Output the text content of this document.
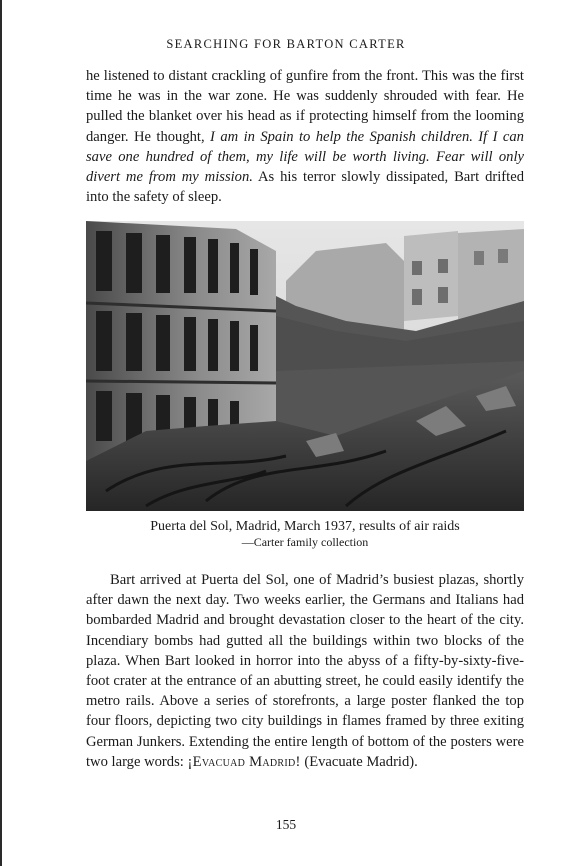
SEARCHING FOR BARTON CARTER

he listened to distant crackling of gunfire from the front. This was the first time he was in the war zone. He was suddenly shrouded with fear. He pulled the blanket over his head as if protecting himself from the looming danger. He thought, I am in Spain to help the Spanish children. If I can save one hundred of them, my life will be worth living. Fear will only divert me from my mission. As his terror slowly dissipated, Bart drifted into the safety of sleep.

Puerta del Sol, Madrid, March 1937, results of air raids
—Carter family collection

Bart arrived at Puerta del Sol, one of Madrid’s busiest plazas, shortly after dawn the next day. Two weeks earlier, the Germans and Italians had bombarded Madrid and brought devastation closer to the heart of the city. Incendiary bombs had gutted all the buildings within two blocks of the plaza. When Bart looked in horror into the abyss of a fifty-by-sixty-five-foot crater at the entrance of an abutting street, he could easily identify the metro rails. Above a series of storefronts, a large poster flanked the top four floors, depicting two city buildings in flames framed by three exiting German Junkers. Extending the entire length of bottom of the posters were two large words: ¡Evacuad Madrid! (Evacuate Madrid).

155
